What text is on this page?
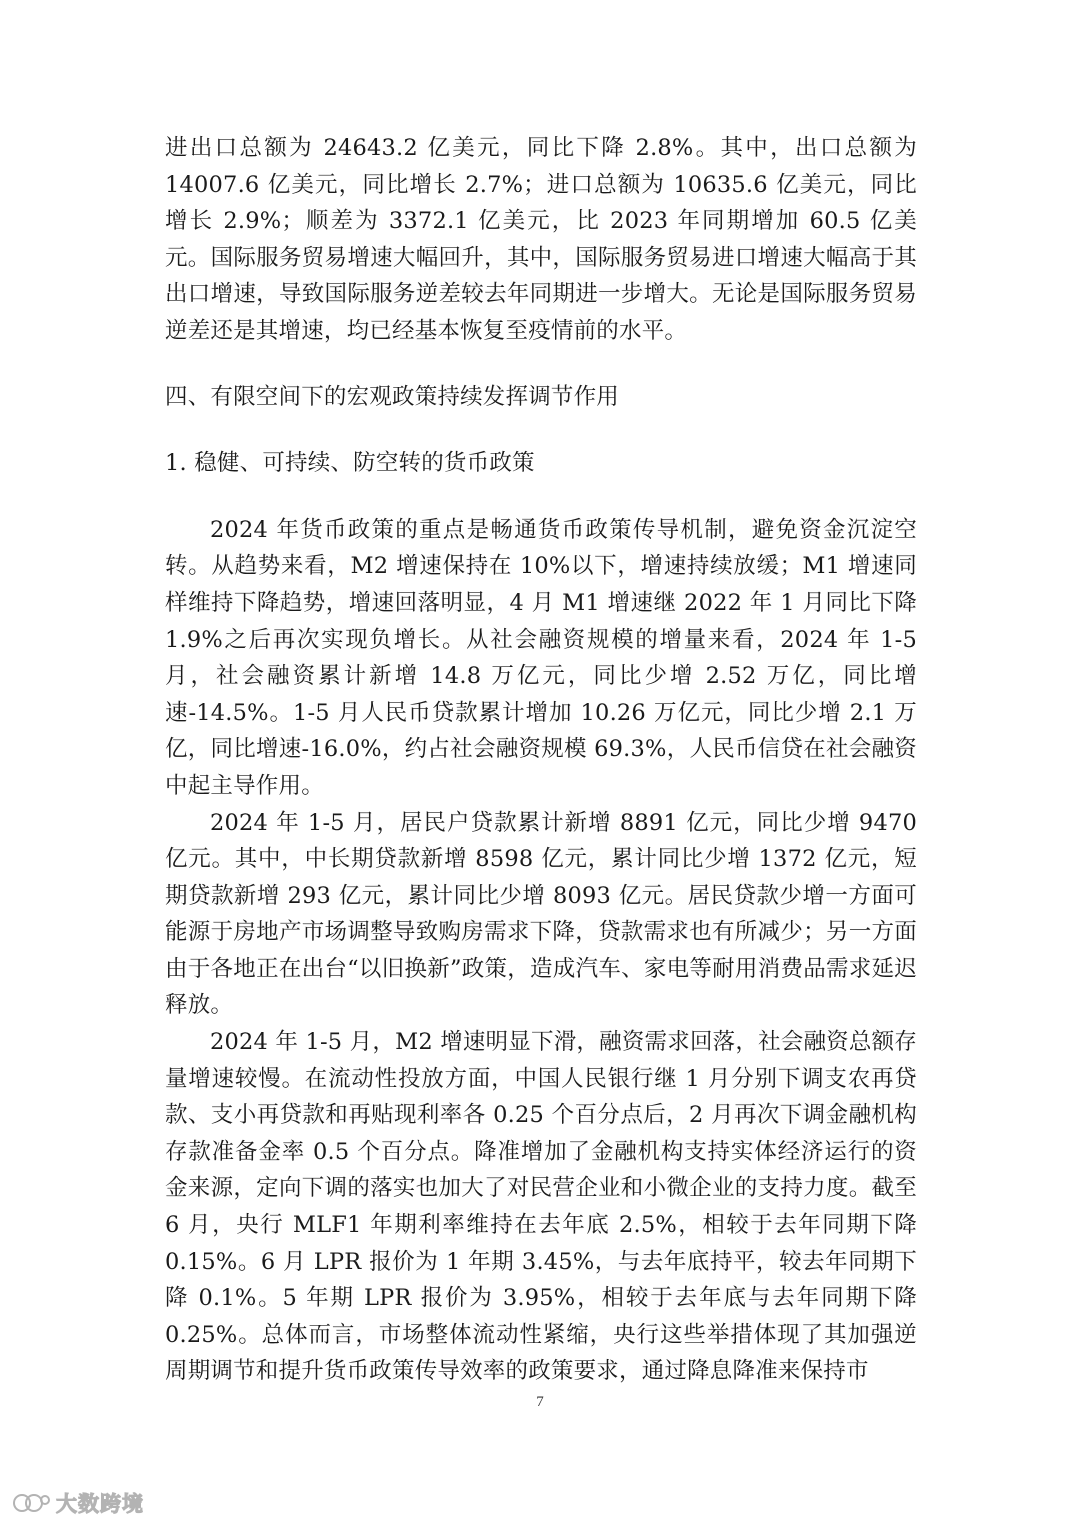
进出口总额为 24643.2 亿美元，同比下降 2.8%。其中，出口总额为 14007.6 亿美元，同比增长 2.7%；进口总额为 10635.6 亿美元，同比增长 2.9%；顺差为 3372.1 亿美元，比 2023 年同期增加 60.5 亿美元。国际服务贸易增速大幅回升，其中，国际服务贸易进口增速大幅高于其出口增速，导致国际服务逆差较去年同期进一步增大。无论是国际服务贸易逆差还是其增速，均已经基本恢复至疫情前的水平。

四、有限空间下的宏观政策持续发挥调节作用

1. 稳健、可持续、防空转的货币政策

2024 年货币政策的重点是畅通货币政策传导机制，避免资金沉淀空转。从趋势来看，M2 增速保持在 10%以下，增速持续放缓；M1 增速同样维持下降趋势，增速回落明显，4 月 M1 增速继 2022 年 1 月同比下降 1.9%之后再次实现负增长。从社会融资规模的增量来看，2024 年 1-5 月，社会融资累计新增 14.8 万亿元，同比少增 2.52 万亿，同比增速-14.5%。1-5 月人民币贷款累计增加 10.26 万亿元，同比少增 2.1 万亿，同比增速-16.0%，约占社会融资规模 69.3%，人民币信贷在社会融资中起主导作用。

2024 年 1-5 月，居民户贷款累计新增 8891 亿元，同比少增 9470 亿元。其中，中长期贷款新增 8598 亿元，累计同比少增 1372 亿元，短期贷款新增 293 亿元，累计同比少增 8093 亿元。居民贷款少增一方面可能源于房地产市场调整导致购房需求下降，贷款需求也有所减少；另一方面由于各地正在出台“以旧换新”政策，造成汽车、家电等耐用消费品需求延迟释放。

2024 年 1-5 月，M2 增速明显下滑，融资需求回落，社会融资总额存量增速较慢。在流动性投放方面，中国人民银行继 1 月分别下调支农再贷款、支小再贷款和再贴现利率各 0.25 个百分点后，2 月再次下调金融机构存款准备金率 0.5 个百分点。降准增加了金融机构支持实体经济运行的资金来源，定向下调的落实也加大了对民营企业和小微企业的支持力度。截至 6 月，央行 MLF1 年期利率维持在去年底 2.5%，相较于去年同期下降 0.15%。6 月 LPR 报价为 1 年期 3.45%，与去年底持平，较去年同期下降 0.1%。5 年期 LPR 报价为 3.95%，相较于去年底与去年同期下降 0.25%。总体而言，市场整体流动性紧缩，央行这些举措体现了其加强逆周期调节和提升货币政策传导效率的政策要求，通过降息降准来保持市

7
大数跨境
